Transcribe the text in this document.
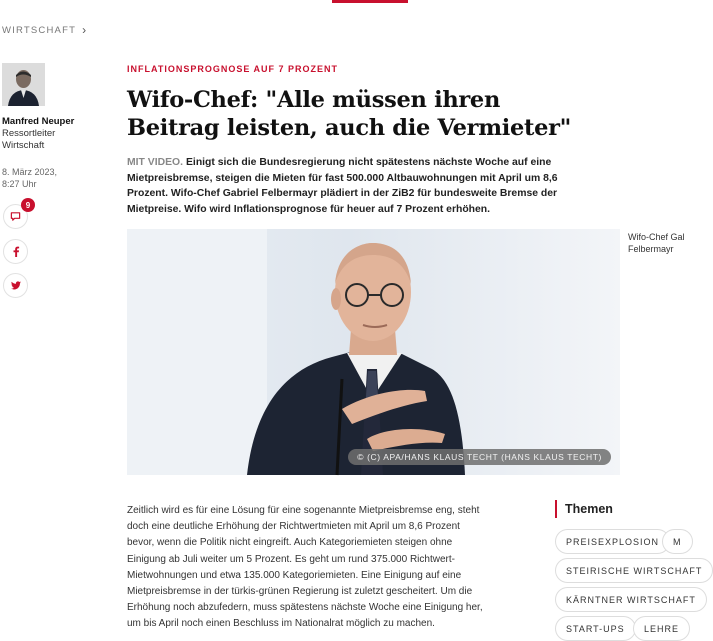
WIRTSCHAFT ›
Manfred Neuper
Ressortleiter
Wirtschaft
8. März 2023,
8:27 Uhr
9
INFLATIONSPROGNOSE AUF 7 PROZENT
Wifo-Chef: "Alle müssen ihren Beitrag leisten, auch die Vermieter"

MIT VIDEO. Einigt sich die Bundesregierung nicht spätestens nächste Woche auf eine Mietpreisbremse, steigen die Mieten für fast 500.000 Altbauwohnungen mit April um 8,6 Prozent. Wifo-Chef Gabriel Felbermayr plädiert in der ZiB2 für bundesweite Bremse der Mietpreise. Wifo wird Inflationsprognose für heuer auf 7 Prozent erhöhen.

© (C) APA/HANS KLAUS TECHT (HANS KLAUS TECHT)
Wifo-Chef Gal
Felbermayr

Zeitlich wird es für eine Lösung für eine sogenannte Mietpreisbremse eng, steht doch eine deutliche Erhöhung der Richtwertmieten mit April um 8,6 Prozent bevor, wenn die Politik nicht eingreift. Auch Kategoriemieten steigen ohne Einigung ab Juli weiter um 5 Prozent. Es geht um rund 375.000 Richtwert-Mietwohnungen und etwa 135.000 Kategoriemieten. Eine Einigung auf eine Mietpreisbremse in der türkis-grünen Regierung ist zuletzt gescheitert. Um die Erhöhung noch abzufedern, muss spätestens nächste Woche eine Einigung her, um bis April noch einen Beschluss im Nationalrat möglich zu machen.

Themen
PREISEXPLOSION	M
STEIRISCHE WIRTSCHAFT
KÄRNTNER WIRTSCHAFT
START-UPS	LEHRE
